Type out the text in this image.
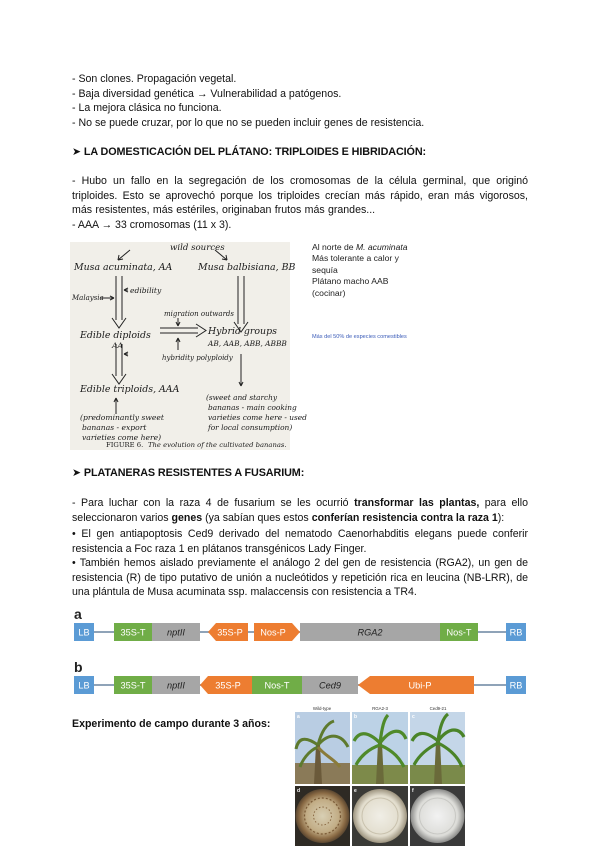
- Son clones. Propagación vegetal.
- Baja diversidad genética → Vulnerabilidad a patógenos.
- La mejora clásica no funciona.
- No se puede cruzar, por lo que no se pueden incluir genes de resistencia.
➤ LA DOMESTICACIÓN DEL PLÁTANO: TRIPLOIDES E HIBRIDACIÓN:
- Hubo un fallo en la segregación de los cromosomas de la célula germinal, que originó triploides. Esto se aprovechó porque los triploides crecían más rápido, eran más vigorosos, más resistentes, más estériles, originaban frutos más grandes...
- AAA → 33 cromosomas (11 x 3).
wild sources
Musa acuminata, AA	Musa balbisiana, BB
Malaysia
edibility
migration outwards
Edible diploids
AA
Hybrid groups
AB, AAB, ABB, ABBB
hybridity polyploidy
Edible triploids, AAA
(predominantly sweet
bananas - export
varieties come here)
(sweet and starchy
bananas - main cooking
varieties come here - used
for local consumption)
FIGURE 6. The evolution of the cultivated bananas.
Al norte de M. acuminata
Más tolerante a calor y
sequía
Plátano macho AAB
(cocinar)
Más del 50% de especies comestibles
➤ PLATANERAS RESISTENTES A FUSARIUM:
- Para luchar con la raza 4 de fusarium se les ocurrió transformar las plantas, para ello seleccionaron varios genes (ya sabían ques estos conferían resistencia contra la raza 1):
• El gen antiapoptosis Ced9 derivado del nematodo Caenorhabditis elegans puede conferir resistencia a Foc raza 1 en plátanos transgénicos Lady Finger.
• También hemos aislado previamente el análogo 2 del gen de resistencia (RGA2), un gen de resistencia (R) de tipo putativo de unión a nucleótidos y repetición rica en leucina (NB-LRR), de una plántula de Musa acuminata ssp. malaccensis con resistencia a TR4.
a
LB	35S-T nptII	35S-P Nos-P	RGA2	Nos-T	RB
b
LB	35S-T nptII	35S-P	Nos-T	Ced9	Ubi-P	RB
Experimento de campo durante 3 años:
Wild-type	RGA2-3	Ced9-21
a	b	c
d	e	f
